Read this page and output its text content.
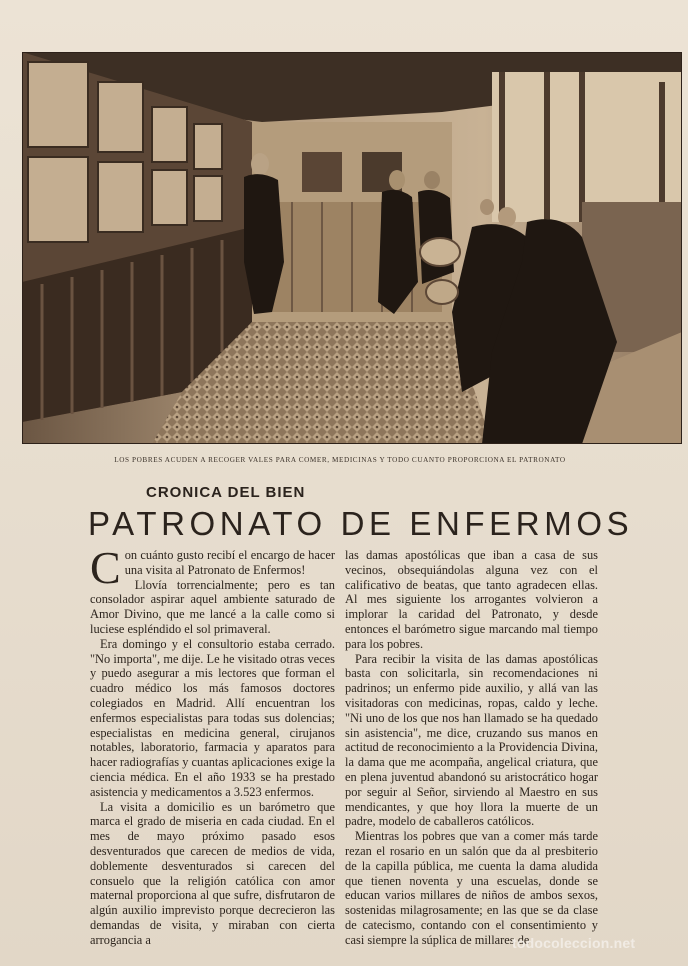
LOS POBRES ACUDEN A RECOGER VALES PARA COMER, MEDICINAS Y TODO CUANTO PROPORCIONA EL PATRONATO
CRONICA DEL BIEN
PATRONATO DE ENFERMOS

Con cuánto gusto recibí el encargo de hacer una visita al Patronato de Enfermos!

Llovía torrencialmente; pero es tan consolador aspirar aquel ambiente saturado de Amor Divino, que me lancé a la calle como si luciese espléndido el sol primaveral.

Era domingo y el consultorio estaba cerrado. "No importa", me dije. Le he visitado otras veces y puedo asegurar a mis lectores que forman el cuadro médico los más famosos doctores colegiados en Madrid. Allí encuentran los enfermos especialistas para todas sus dolencias; especialistas en medicina general, cirujanos notables, laboratorio, farmacia y aparatos para hacer radiografías y cuantas aplicaciones exige la ciencia médica. En el año 1933 se ha prestado asistencia y medicamentos a 3.523 enfermos.

La visita a domicilio es un barómetro que marca el grado de miseria en cada ciudad. En el mes de mayo próximo pasado esos desventurados que carecen de medios de vida, doblemente desventurados si carecen del consuelo que la religión católica con amor maternal proporciona al que sufre, disfrutaron de algún auxilio imprevisto porque decrecieron las demandas de visita, y miraban con cierta arrogancia a

las damas apostólicas que iban a casa de sus vecinos, obsequiándolas alguna vez con el calificativo de beatas, que tanto agradecen ellas. Al mes siguiente los arrogantes volvieron a implorar la caridad del Patronato, y desde entonces el barómetro sigue marcando mal tiempo para los pobres.

Para recibir la visita de las damas apostólicas basta con solicitarla, sin recomendaciones ni padrinos; un enfermo pide auxilio, y allá van las visitadoras con medicinas, ropas, caldo y leche. "Ni uno de los que nos han llamado se ha quedado sin asistencia", me dice, cruzando sus manos en actitud de reconocimiento a la Providencia Divina, la dama que me acompaña, angelical criatura, que en plena juventud abandonó su aristocrático hogar por seguir al Señor, sirviendo al Maestro en sus mendicantes, y que hoy llora la muerte de un padre, modelo de caballeros católicos.

Mientras los pobres que van a comer más tarde rezan el rosario en un salón que da al presbiterio de la capilla pública, me cuenta la dama aludida que tienen noventa y una escuelas, donde se educan varios millares de niños de ambos sexos, sostenidas milagrosamente; en las que se da clase de catecismo, contando con el consentimiento y casi siempre la súplica de millares de

todocoleccion.net
